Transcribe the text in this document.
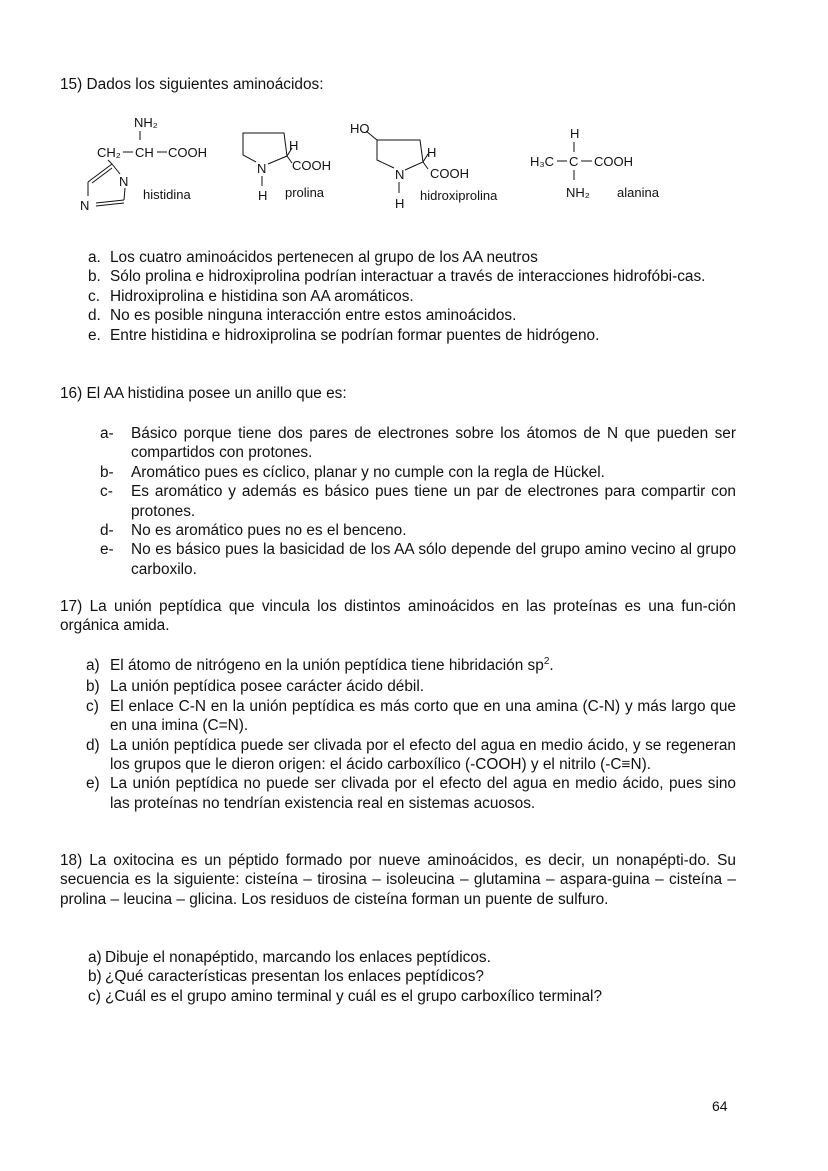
15) Dados los siguientes aminoácidos:
NH₂
CH₂ CH COOH
N
N
histidina
H
COOH
N
H prolina
HO
H
COOH
N
H
hidroxiprolina
H
H₃C C COOH
NH₂ alanina
a. Los cuatro aminoácidos pertenecen al grupo de los AA neutros
b. Sólo prolina e hidroxiprolina podrían interactuar a través de interacciones hidrofóbi-cas.
c. Hidroxiprolina e histidina son AA aromáticos.
d. No es posible ninguna interacción entre estos aminoácidos.
e. Entre histidina e hidroxiprolina se podrían formar puentes de hidrógeno.
16) El AA histidina posee un anillo que es:
a-	Básico porque tiene dos pares de electrones sobre los átomos de N que pueden ser compartidos con protones.
b-	Aromático pues es cíclico, planar y no cumple con la regla de Hückel.
c-	Es aromático y además es básico pues tiene un par de electrones para compartir con protones.
d-	No es aromático pues no es el benceno.
e-	No es básico pues la basicidad de los AA sólo depende del grupo amino vecino al grupo carboxilo.
17) La unión peptídica que vincula los distintos aminoácidos en las proteínas es una fun-ción orgánica amida.
a) El átomo de nitrógeno en la unión peptídica tiene hibridación $sp^2$.
b) La unión peptídica posee carácter ácido débil.
c) El enlace C-N en la unión peptídica es más corto que en una amina (C-N) y más largo que en una imina (C=N).
d) La unión peptídica puede ser clivada por el efecto del agua en medio ácido, y se regeneran los grupos que le dieron origen: el ácido carboxílico (-COOH) y el nitrilo (-C≡N).
e) La unión peptídica no puede ser clivada por el efecto del agua en medio ácido, pues sino las proteínas no tendrían existencia real en sistemas acuosos.
18) La oxitocina es un péptido formado por nueve aminoácidos, es decir, un nonapépti-do. Su secuencia es la siguiente: cisteína – tirosina – isoleucina – glutamina – aspara-guina – cisteína – prolina – leucina – glicina. Los residuos de cisteína forman un puente de sulfuro.
a) Dibuje el nonapéptido, marcando los enlaces peptídicos.
b) ¿Qué características presentan los enlaces peptídicos?
c) ¿Cuál es el grupo amino terminal y cuál es el grupo carboxílico terminal?
64
